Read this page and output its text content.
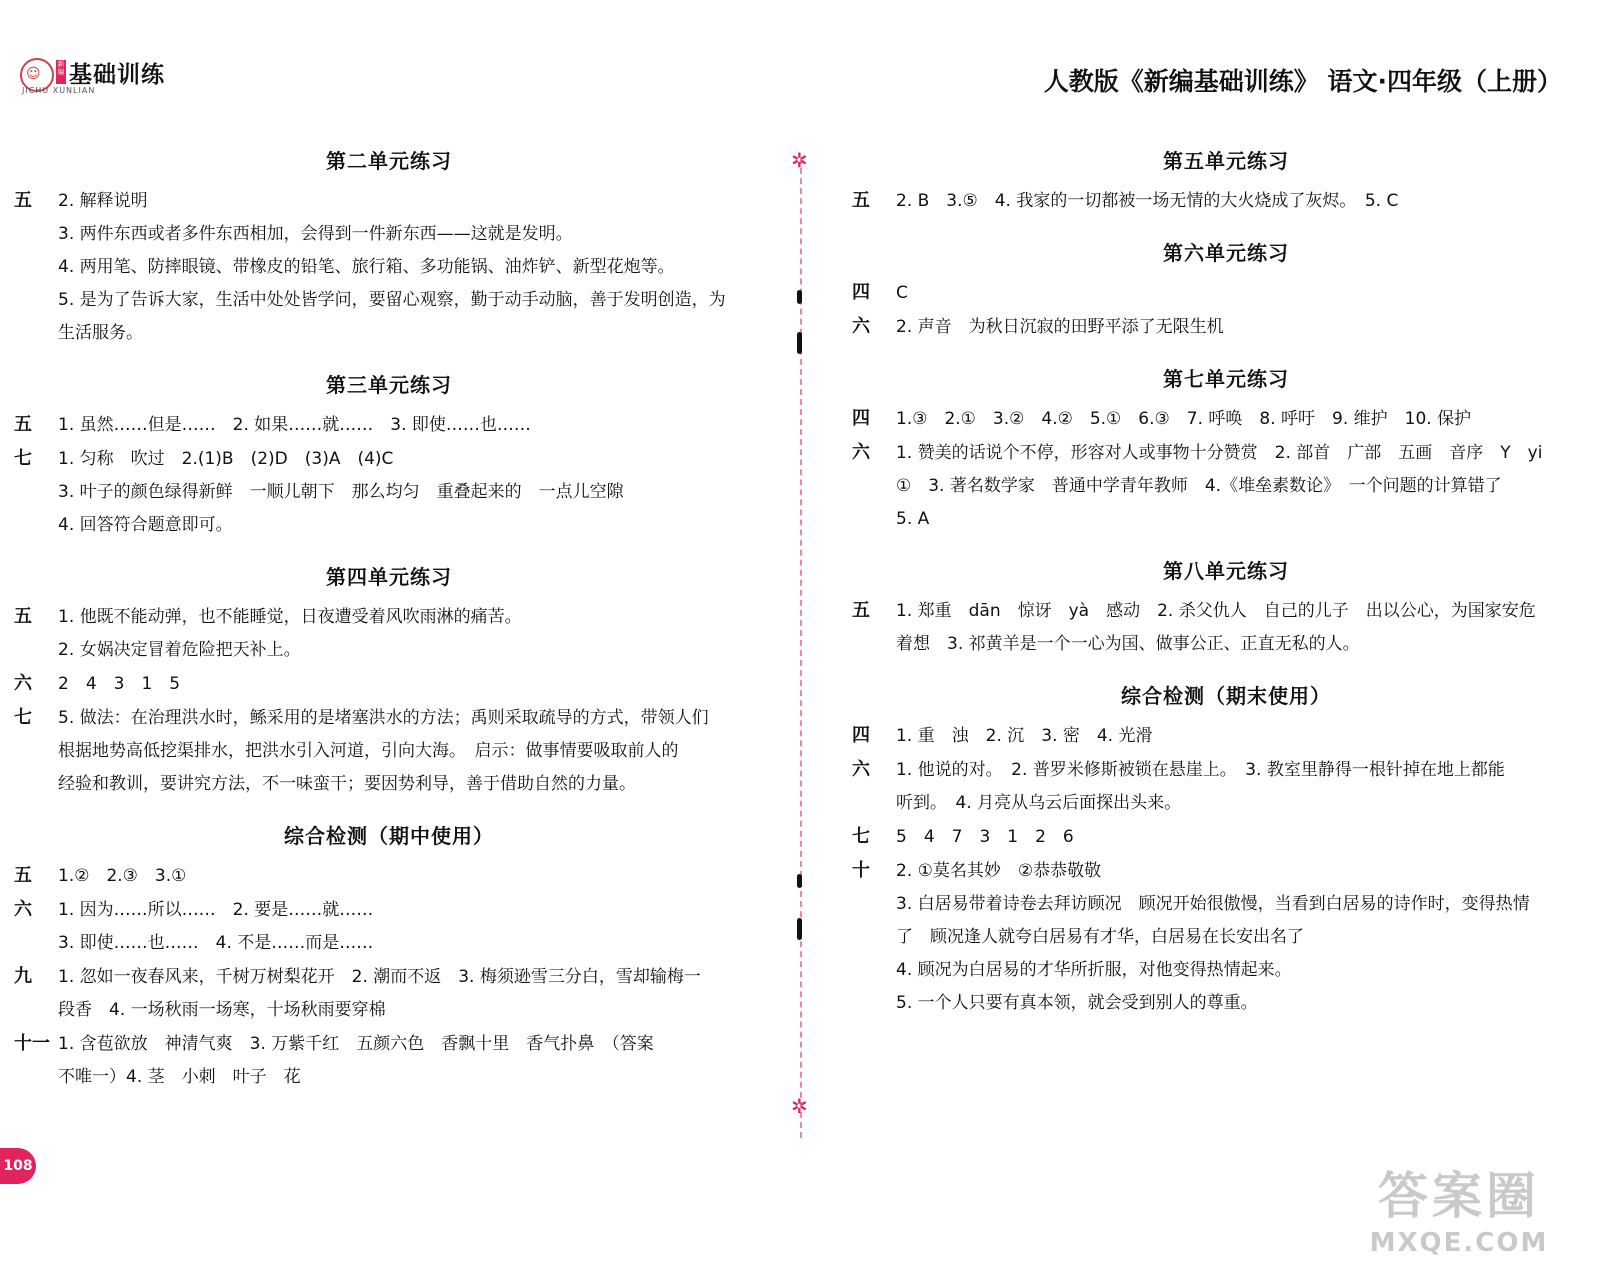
☺
新编 基础训练
JICHU XUNLIAN	人教版《新编基础训练》 语文·四年级（上册）
✲
✲
第二单元练习
五 2. 解释说明
3. 两件东西或者多件东西相加，会得到一件新东西——这就是发明。
4. 两用笔、防摔眼镜、带橡皮的铅笔、旅行箱、多功能锅、油炸铲、新型花炮等。
5. 是为了告诉大家，生活中处处皆学问，要留心观察，勤于动手动脑，善于发明创造，为
生活服务。
第三单元练习
五 1. 虽然……但是……　2. 如果……就……　3. 即使……也……
七 1. 匀称　吹过　2.(1)B　(2)D　(3)A　(4)C
3. 叶子的颜色绿得新鲜　一顺儿朝下　那么均匀　重叠起来的　一点儿空隙
4. 回答符合题意即可。
第四单元练习
五 1. 他既不能动弹，也不能睡觉，日夜遭受着风吹雨淋的痛苦。
2. 女娲决定冒着危险把天补上。
六 2　4　3　1　5
七 5. 做法：在治理洪水时，鲧采用的是堵塞洪水的方法；禹则采取疏导的方式，带领人们
根据地势高低挖渠排水，把洪水引入河道，引向大海。　启示：做事情要吸取前人的
经验和教训，要讲究方法，不一味蛮干；要因势利导，善于借助自然的力量。
综合检测（期中使用）
五 1.②　2.③　3.①
六 1. 因为……所以……　2. 要是……就……
3. 即使……也……　4. 不是……而是……
九 1. 忽如一夜春风来，千树万树梨花开　2. 潮而不返　3. 梅须逊雪三分白，雪却输梅一
段香　4. 一场秋雨一场寒，十场秋雨要穿棉
十一 1. 含苞欲放　神清气爽　3. 万紫千红　五颜六色　香飘十里　香气扑鼻　（答案
不唯一）4. 茎　小刺　叶子　花
第五单元练习
五 2. B　3.⑤　4. 我家的一切都被一场无情的大火烧成了灰烬。　5. C
第六单元练习
四 C
六 2. 声音　为秋日沉寂的田野平添了无限生机
第七单元练习
四 1.③　2.①　3.②　4.②　5.①　6.③　7. 呼唤　8. 呼吁　9. 维护　10. 保护
六 1. 赞美的话说个不停，形容对人或事物十分赞赏　2. 部首　广部　五画　音序　Y　yi
①　3. 著名数学家　普通中学青年教师　4.《堆垒素数论》　一个问题的计算错了
5. A
第八单元练习
五 1. 郑重　dān　惊讶　yà　感动　2. 杀父仇人　自己的儿子　出以公心，为国家安危
着想　3. 祁黄羊是一个一心为国、做事公正、正直无私的人。
综合检测（期末使用）
四 1. 重　浊　2. 沉　3. 密　4. 光滑
六 1. 他说的对。　2. 普罗米修斯被锁在悬崖上。　3. 教室里静得一根针掉在地上都能
听到。　4. 月亮从乌云后面探出头来。
七 5　4　7　3　1　2　6
十 2. ①莫名其妙　②恭恭敬敬
3. 白居易带着诗卷去拜访顾况　顾况开始很傲慢，当看到白居易的诗作时，变得热情
了　顾况逢人就夸白居易有才华，白居易在长安出名了
4. 顾况为白居易的才华所折服，对他变得热情起来。
5. 一个人只要有真本领，就会受到别人的尊重。
108
答案圈
MXQE.COM
